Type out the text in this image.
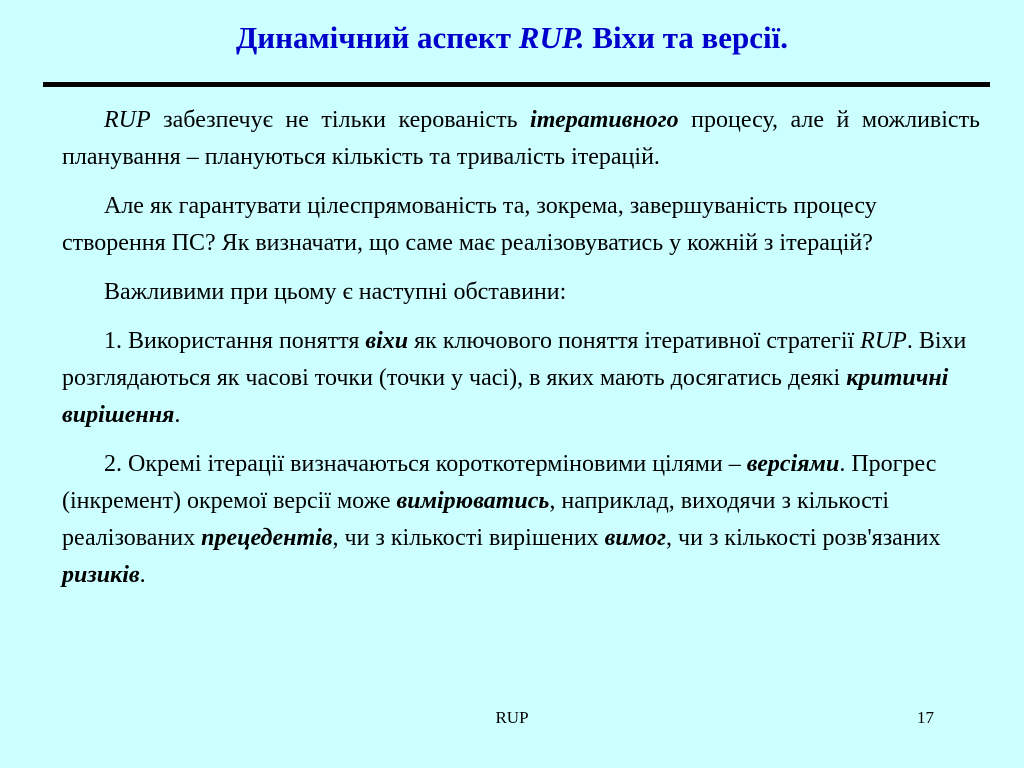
Динамічний аспект RUP. Віхи та версії.

RUP забезпечує не тільки керованість ітеративного процесу, але й можливість планування – плануються кількість та тривалість ітерацій.

Але як гарантувати цілеспрямованість та, зокрема, завершуваність процесу створення ПС? Як визначати, що саме має реалізовуватись у кожній з ітерацій?

Важливими при цьому є наступні обставини:

1. Використання поняття віхи як ключового поняття ітеративної стратегії RUP. Віхи розглядаються як часові точки (точки у часі), в яких мають досягатись деякі критичні вирішення.

2. Окремі ітерації визначаються короткотерміновими цілями – версіями. Прогрес (інкремент) окремої версії може вимірюватись, наприклад, виходячи з кількості реалізованих прецедентів, чи з кількості вирішених вимог, чи з кількості розв'язаних ризиків.

RUP	17
